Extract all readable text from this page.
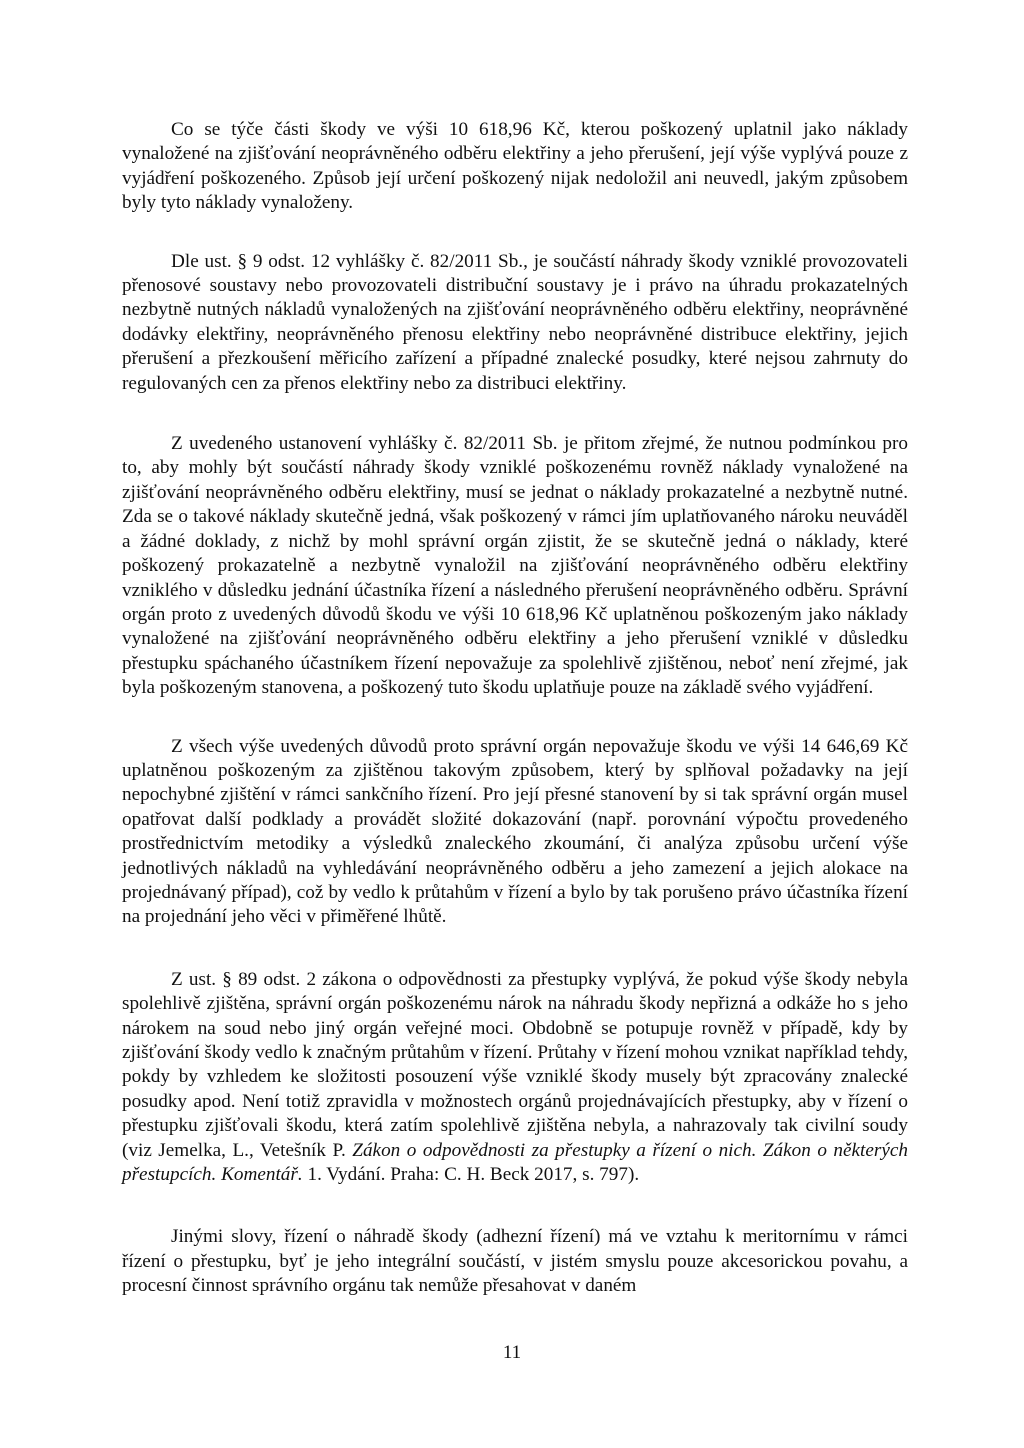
Co se týče části škody ve výši 10 618,96 Kč, kterou poškozený uplatnil jako náklady vynaložené na zjišťování neoprávněného odběru elektřiny a jeho přerušení, její výše vyplývá pouze z vyjádření poškozeného. Způsob její určení poškozený nijak nedoložil ani neuvedl, jakým způsobem byly tyto náklady vynaloženy.

Dle ust. § 9 odst. 12 vyhlášky č. 82/2011 Sb., je součástí náhrady škody vzniklé provozovateli přenosové soustavy nebo provozovateli distribuční soustavy je i právo na úhradu prokazatelných nezbytně nutných nákladů vynaložených na zjišťování neoprávněného odběru elektřiny, neoprávněné dodávky elektřiny, neoprávněného přenosu elektřiny nebo neoprávněné distribuce elektřiny, jejich přerušení a přezkoušení měřicího zařízení a případné znalecké posudky, které nejsou zahrnuty do regulovaných cen za přenos elektřiny nebo za distribuci elektřiny.

Z uvedeného ustanovení vyhlášky č. 82/2011 Sb. je přitom zřejmé, že nutnou podmínkou pro to, aby mohly být součástí náhrady škody vzniklé poškozenému rovněž náklady vynaložené na zjišťování neoprávněného odběru elektřiny, musí se jednat o náklady prokazatelné a nezbytně nutné. Zda se o takové náklady skutečně jedná, však poškozený v rámci jím uplatňovaného nároku neuváděl a žádné doklady, z nichž by mohl správní orgán zjistit, že se skutečně jedná o náklady, které poškozený prokazatelně a nezbytně vynaložil na zjišťování neoprávněného odběru elektřiny vzniklého v důsledku jednání účastníka řízení a následného přerušení neoprávněného odběru. Správní orgán proto z uvedených důvodů škodu ve výši 10 618,96 Kč uplatněnou poškozeným jako náklady vynaložené na zjišťování neoprávněného odběru elektřiny a jeho přerušení vzniklé v důsledku přestupku spáchaného účastníkem řízení nepovažuje za spolehlivě zjištěnou, neboť není zřejmé, jak byla poškozeným stanovena, a poškozený tuto škodu uplatňuje pouze na základě svého vyjádření.

Z všech výše uvedených důvodů proto správní orgán nepovažuje škodu ve výši 14 646,69 Kč uplatněnou poškozeným za zjištěnou takovým způsobem, který by splňoval požadavky na její nepochybné zjištění v rámci sankčního řízení. Pro její přesné stanovení by si tak správní orgán musel opatřovat další podklady a provádět složité dokazování (např. porovnání výpočtu provedeného prostřednictvím metodiky a výsledků znaleckého zkoumání, či analýza způsobu určení výše jednotlivých nákladů na vyhledávání neoprávněného odběru a jeho zamezení a jejich alokace na projednávaný případ), což by vedlo k průtahům v řízení a bylo by tak porušeno právo účastníka řízení na projednání jeho věci v přiměřené lhůtě.

Z ust. § 89 odst. 2 zákona o odpovědnosti za přestupky vyplývá, že pokud výše škody nebyla spolehlivě zjištěna, správní orgán poškozenému nárok na náhradu škody nepřizná a odkáže ho s jeho nárokem na soud nebo jiný orgán veřejné moci. Obdobně se potupuje rovněž v případě, kdy by zjišťování škody vedlo k značným průtahům v řízení. Průtahy v řízení mohou vznikat například tehdy, pokdy by vzhledem ke složitosti posouzení výše vzniklé škody musely být zpracovány znalecké posudky apod. Není totiž zpravidla v možnostech orgánů projednávajících přestupky, aby v řízení o přestupku zjišťovali škodu, která zatím spolehlivě zjištěna nebyla, a nahrazovaly tak civilní soudy (viz Jemelka, L., Vetešník P. Zákon o odpovědnosti za přestupky a řízení o nich. Zákon o některých přestupcích. Komentář. 1. Vydání. Praha: C. H. Beck 2017, s. 797).

Jinými slovy, řízení o náhradě škody (adhezní řízení) má ve vztahu k meritornímu v rámci řízení o přestupku, byť je jeho integrální součástí, v jistém smyslu pouze akcesorickou povahu, a procesní činnost správního orgánu tak nemůže přesahovat v daném

11
